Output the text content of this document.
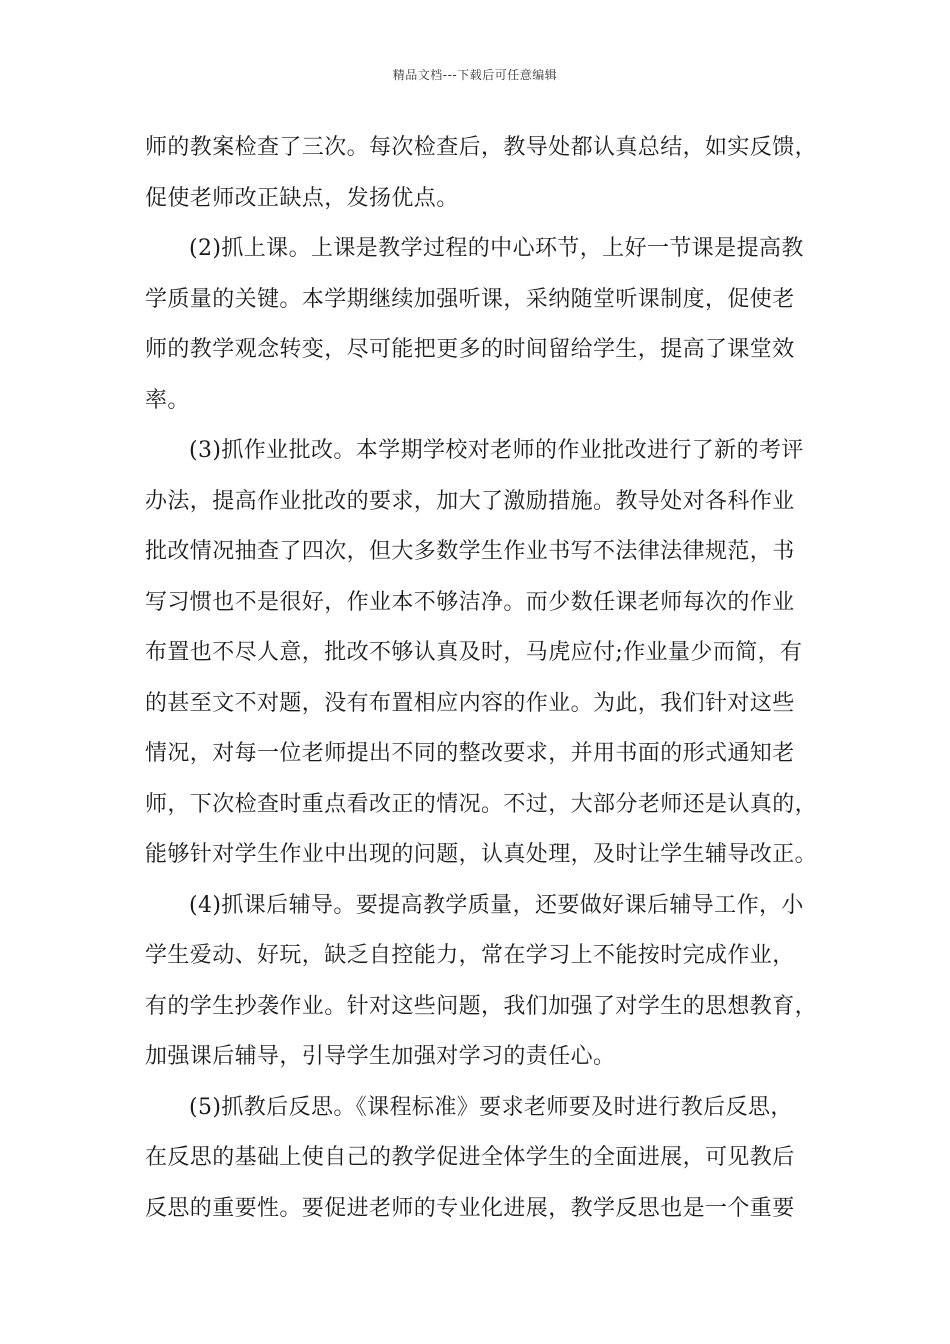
精品文档---下载后可任意编辑
师的教案检查了三次。每次检查后，教导处都认真总结，如实反馈，
促使老师改正缺点，发扬优点。
(2)抓上课。上课是教学过程的中心环节，上好一节课是提高教
学质量的关键。本学期继续加强听课，采纳随堂听课制度，促使老
师的教学观念转变，尽可能把更多的时间留给学生，提高了课堂效
率。
(3)抓作业批改。本学期学校对老师的作业批改进行了新的考评
办法，提高作业批改的要求，加大了激励措施。教导处对各科作业
批改情况抽查了四次，但大多数学生作业书写不法律法律规范，书
写习惯也不是很好，作业本不够洁净。而少数任课老师每次的作业
布置也不尽人意，批改不够认真及时，马虎应付;作业量少而简，有
的甚至文不对题，没有布置相应内容的作业。为此，我们针对这些
情况，对每一位老师提出不同的整改要求，并用书面的形式通知老
师，下次检查时重点看改正的情况。不过，大部分老师还是认真的，
能够针对学生作业中出现的问题，认真处理，及时让学生辅导改正。
(4)抓课后辅导。要提高教学质量，还要做好课后辅导工作，小
学生爱动、好玩，缺乏自控能力，常在学习上不能按时完成作业，
有的学生抄袭作业。针对这些问题，我们加强了对学生的思想教育，
加强课后辅导，引导学生加强对学习的责任心。
(5)抓教后反思。《课程标准》要求老师要及时进行教后反思，
在反思的基础上使自己的教学促进全体学生的全面进展，可见教后
反思的重要性。要促进老师的专业化进展，教学反思也是一个重要
